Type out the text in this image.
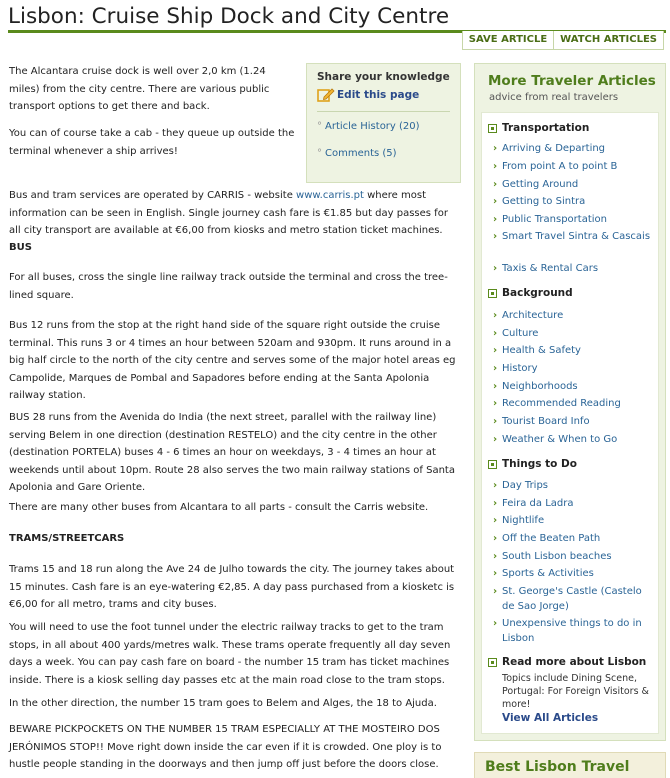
Lisbon: Cruise Ship Dock and City Centre
SAVE ARTICLE	WATCH ARTICLES

The Alcantara cruise dock is well over 2,0 km (1.24 miles) from the city centre. There are various public transport options to get there and back.

You can of course take a cab - they queue up outside the terminal whenever a ship arrives!

Bus and tram services are operated by CARRIS - website www.carris.pt where most information can be seen in English. Single journey cash fare is €1.85 but day passes for all city transport are available at €6,00 from kiosks and metro station ticket machines.

BUS

For all buses, cross the single line railway track outside the terminal and cross the tree-lined square.

Bus 12 runs from the stop at the right hand side of the square right outside the cruise terminal. This runs 3 or 4 times an hour between 520am and 930pm. It runs around in a big half circle to the north of the city centre and serves some of the major hotel areas eg Campolide, Marques de Pombal and Sapadores before ending at the Santa Apolonia railway station.

BUS 28 runs from the Avenida do India (the next street, parallel with the railway line) serving Belem in one direction (destination RESTELO) and the city centre in the other (destination PORTELA) buses 4 - 6 times an hour on weekdays, 3 - 4 times an hour at weekends until about 10pm. Route 28 also serves the two main railway stations of Santa Apolonia and Gare Oriente.

There are many other buses from Alcantara to all parts - consult the Carris website.

TRAMS/STREETCARS

Trams 15 and 18 run along the Ave 24 de Julho towards the city. The journey takes about 15 minutes. Cash fare is an eye-watering €2,85. A day pass purchased from a kiosketc is €6,00 for all metro, trams and city buses.

You will need to use the foot tunnel under the electric railway tracks to get to the tram stops, in all about 400 yards/metres walk. These trams operate frequently all day seven days a week. You can pay cash fare on board - the number 15 tram has ticket machines inside. There is a kiosk selling day passes etc at the main road close to the tram stops.

In the other direction, the number 15 tram goes to Belem and Alges, the 18 to Ajuda.

BEWARE PICKPOCKETS ON THE NUMBER 15 TRAM ESPECIALLY AT THE MOSTEIRO DOS JERÓNIMOS STOP!! Move right down inside the car even if it is crowded. One ploy is to hustle people standing in the doorways and then jump off just before the doors close.

Share your knowledge
Edit this page
° Article History (20)
° Comments (5)
More Traveler Articles
advice from real travelers
Transportation
› Arriving & Departing
› From point A to point B
› Getting Around
› Getting to Sintra
› Public Transportation
› Smart Travel Sintra & Cascais
› Taxis & Rental Cars
Background
› Architecture
› Culture
› Health & Safety
› History
› Neighborhoods
› Recommended Reading
› Tourist Board Info
› Weather & When to Go
Things to Do
› Day Trips
› Feira da Ladra
› Nightlife
› Off the Beaten Path
› South Lisbon beaches
› Sports & Activities
› St. George's Castle (Castelo de Sao Jorge)
› Unexpensive things to do in Lisbon
Read more about Lisbon
Topics include Dining Scene, Portugal: For Foreign Visitors & more!
View All Articles
Best Lisbon Travel
